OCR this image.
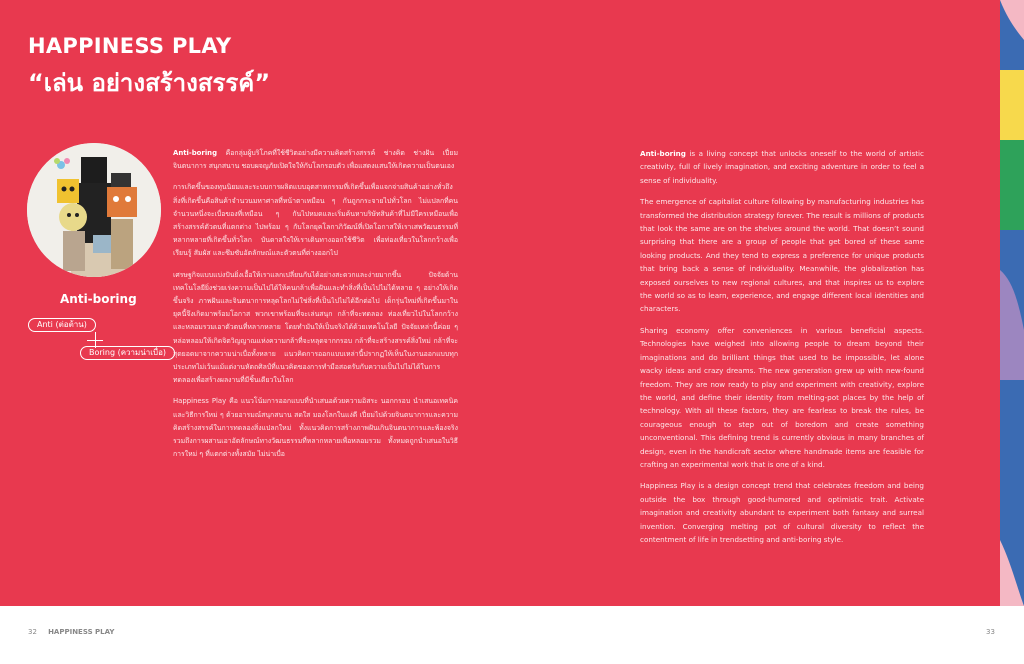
HAPPINESS PLAY
“เล่น อย่างสร้างสรรค์”
Anti-boring
Anti (ต่อต้าน)
Boring (ความน่าเบื่อ)

Anti-boring คือกลุ่มผู้บริโภคที่ใช้ชีวิตอย่างมีความคิดสร้างสรรค์ ช่างคิด ช่างฝัน เปี่ยมจินตนาการ สนุกสนาน ชอบผจญภัยเปิดใจให้กับโลกรอบตัว เพื่อแสดงแสนให้เกิดความเป็นตนเอง

การเกิดขึ้นของทุนนิยมและระบบการผลิตแบบอุตสาหกรรมที่เกิดขึ้นเพื่อแจกจ่ายสินค้าอย่างทั่วถึง สิ่งที่เกิดขึ้นคือสินค้าจำนวนมหาศาลที่หน้าตาเหมือน ๆ กันถูกกระจายไปทั่วโลก ไม่แปลกที่คนจำนวนหนึ่งจะเบื่อของที่เหมือน ๆ กันไปหมดและเริ่มค้นหาบริษัทสินค้าที่ไม่มีใครเหมือนเพื่อสร้างสรรค์ตัวตนที่แตกต่าง ไปพร้อม ๆ กับโลกยุคโลกาภิวัฒน์ที่เปิดโอกาสให้เราเสพวัฒนธรรมที่หลากหลายที่เกิดขึ้นทั่วโลก บันดาลใจให้เราเดินทางออกใช้ชีวิต เพื่อท่องเที่ยวในโลกกว้างเพื่อเรียนรู้ สัมผัส และซึมซับอัตลักษณ์และตัวตนที่ต่างออกไป

เศรษฐกิจแบบแบ่งปันยิ่งเอื้อให้เราแลกเปลี่ยนกันได้อย่างสะดวกและง่ายมากขึ้น ปัจจัยด้านเทคโนโลยียิ่งช่วยเร่งความเป็นไปได้ให้คนกล้าเพื่อฝันและทำสิ่งที่เป็นไปไม่ได้หลาย ๆ อย่างให้เกิดขึ้นจริง ภาพฝันและจินตนาการหลุดโลกไม่ใช่สิ่งที่เป็นไปไม่ได้อีกต่อไป เด็กรุ่นใหม่ที่เกิดขึ้นมาในยุคนี้จึงเกิดมาพร้อมโอกาส พวกเขาพร้อมที่จะเล่นสนุก กล้าที่จะทดลอง ท่องเที่ยวไปในโลกกว้าง และหลอมรวมเอาตัวตนที่หลากหลาย โดยทำมันให้เป็นจริงได้ด้วยเทคโนโลยี ปัจจัยเหล่านี้ค่อย ๆ หล่อหลอมให้เกิดจิตวิญญาณแห่งความกล้าที่จะหลุดจากกรอบ กล้าที่จะสร้างสรรค์สิ่งใหม่ กล้าที่จะสุดยอดมาจากความน่าเบื่อทั้งหลาย แนวคิดการออกแบบเหล่านี้ปรากฏให้เห็นในงานออกแบบทุกประเภทไม่เว้นแม้แต่งานหัตถศิลป์ที่แนวคิดของการทำมือสอดรับกับความเป็นไปไม่ได้ในการทดลองเพื่อสร้างผลงานที่มีชิ้นเดียวในโลก

Happiness Play คือ แนวโน้มการออกแบบที่นำเสนอด้วยความอิสระ นอกกรอบ นำเสนอเทคนิคและวิธีการใหม่ ๆ ด้วยอารมณ์สนุกสนาน สดใส มองโลกในแง่ดี เปี่ยมไปด้วยจินตนาการและความคิดสร้างสรรค์ในการทดลองสิ่งแปลกใหม่ ทั้งแนวคิดการสร้างภาพฝันเกินจินตนาการและพ้องจริง รวมถึงการผสานเอาอัตลักษณ์ทางวัฒนธรรมที่หลากหลายเพื่อหลอมรวม ทั้งหมดถูกนำเสนอในวิธีการใหม่ ๆ ที่แตกต่างทั้งสมัย ไม่น่าเบื่อ

Anti-boring is a living concept that unlocks oneself to the world of artistic creativity, full of lively imagination, and exciting adventure in order to feel a sense of individuality.

The emergence of capitalist culture following by manufacturing industries has transformed the distribution strategy forever. The result is millions of products that look the same are on the shelves around the world. That doesn’t sound surprising that there are a group of people that get bored of these same looking products. And they tend to express a preference for unique products that bring back a sense of individuality. Meanwhile, the globalization has exposed ourselves to new regional cultures, and that inspires us to explore the world so as to learn, experience, and engage different local identities and characters.

Sharing economy offer conveniences in various beneficial aspects. Technologies have weighed into allowing people to dream beyond their imaginations and do brilliant things that used to be impossible, let alone wacky ideas and crazy dreams. The new generation grew up with new-found freedom. They are now ready to play and experiment with creativity, explore the world, and define their identity from melting-pot places by the help of technology. With all these factors, they are fearless to break the rules, be courageous enough to step out of boredom and create something unconventional. This defining trend is currently obvious in many branches of design, even in the handicraft sector where handmade items are feasible for crafting an experimental work that is one of a kind.

Happiness Play is a design concept trend that celebrates freedom and being outside the box through good-humored and optimistic trait. Activate imagination and creativity abundant to experiment both fantasy and surreal invention. Converging melting pot of cultural diversity to reflect the contentment of life in trendsetting and anti-boring style.

32 HAPPINESS PLAY	33
